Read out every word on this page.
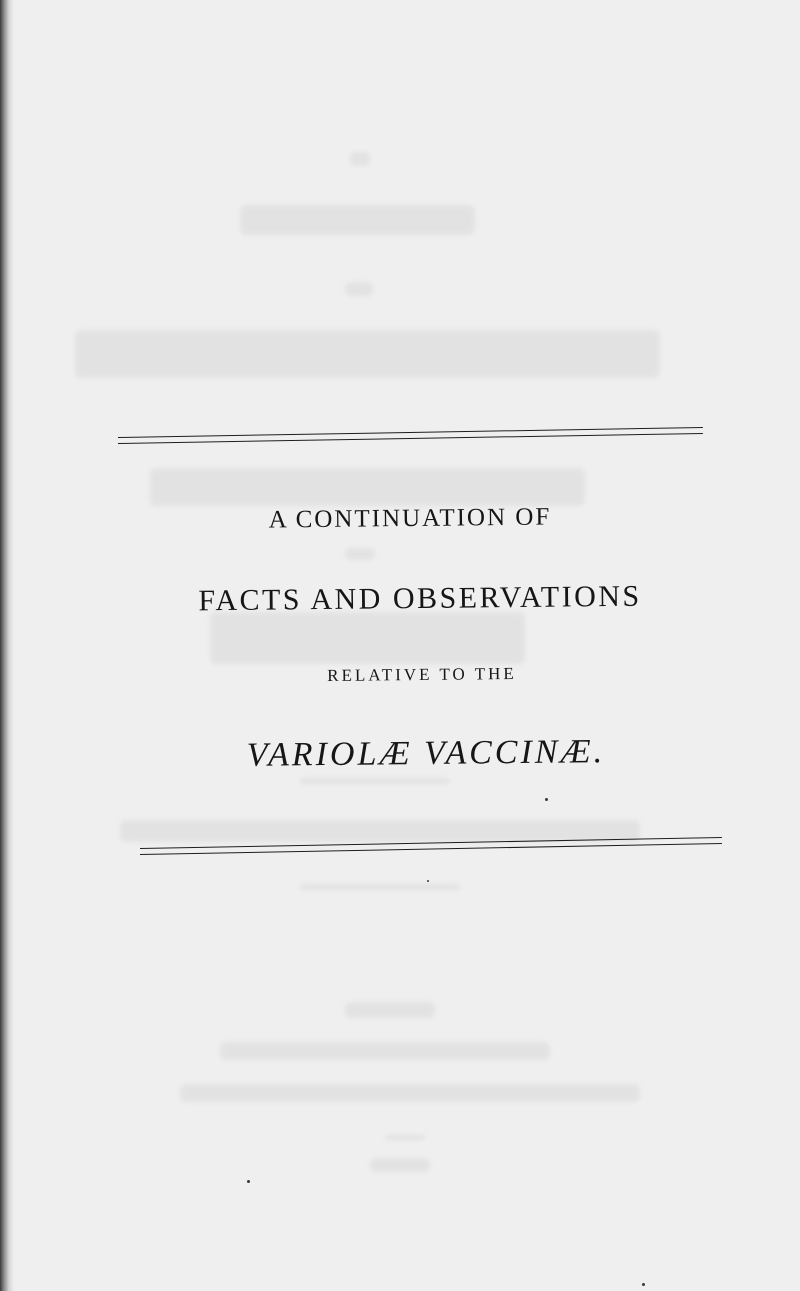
A CONTINUATION OF
FACTS AND OBSERVATIONS
RELATIVE TO THE
VARIOLÆ VACCINÆ.
